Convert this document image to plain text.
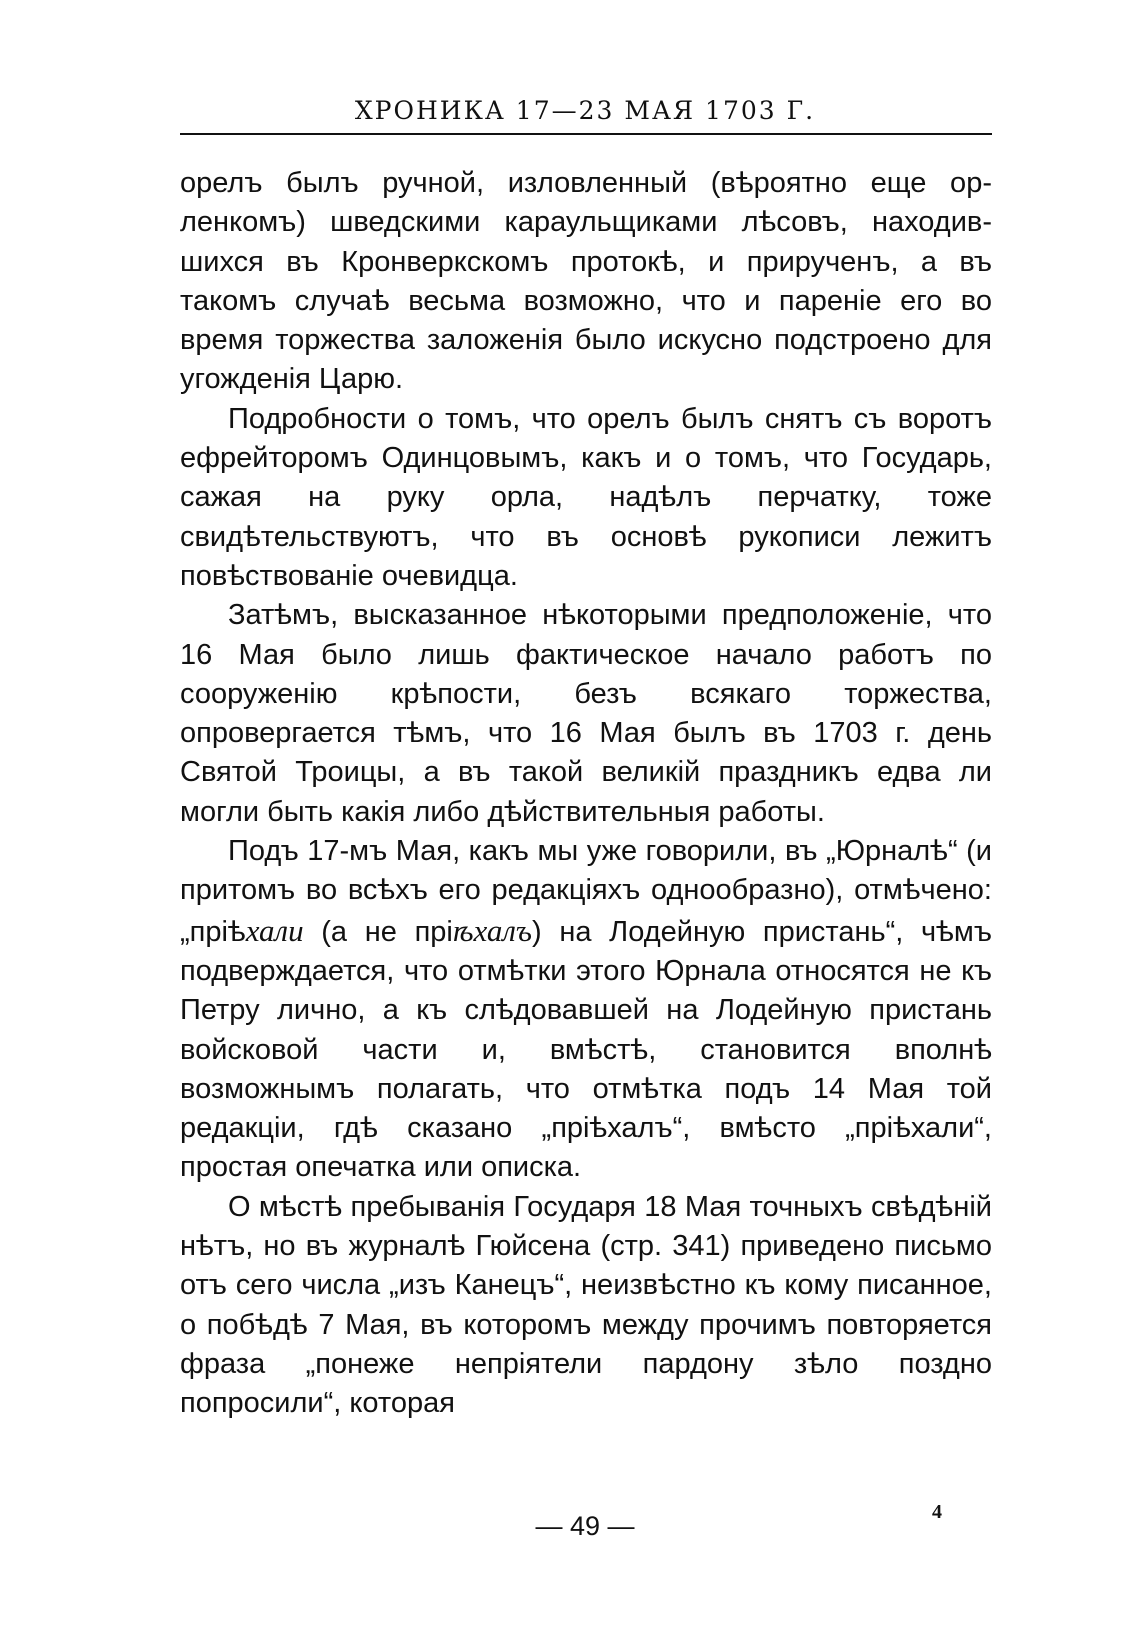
ХРОНИКА 17—23 МАЯ 1703 Г.

орелъ былъ ручной, изловленный (вѣроятно еще орленкомъ) шведскими караульщиками лѣсовъ, находившихся въ Кронверкскомъ протокѣ, и прирученъ, а въ такомъ случаѣ весьма возможно, что и пареніе его во время торжества заложенія было искусно подстроено для угожденія Царю.

Подробности о томъ, что орелъ былъ снятъ съ воротъ ефрейторомъ Одинцовымъ, какъ и о томъ, что Государь, сажая на руку орла, надѣлъ перчатку, тоже свидѣтельствуютъ, что въ основѣ рукописи лежитъ повѣствованіе очевидца.

Затѣмъ, высказанное нѣкоторыми предположеніе, что 16 Мая было лишь фактическое начало работъ по сооруженію крѣпости, безъ всякаго торжества, опровергается тѣмъ, что 16 Мая былъ въ 1703 г. день Святой Троицы, а въ такой великій праздникъ едва ли могли быть какія либо дѣйствительныя работы.

Подъ 17-мъ Мая, какъ мы уже говорили, въ „Юрналѣ“ (и притомъ во всѣхъ его редакціяхъ однообразно), отмѣчено: „пріѣхали (а не пріѣхалъ) на Лодейную пристань“, чѣмъ подверждается, что отмѣтки этого Юрнала относятся не къ Петру лично, а къ слѣдовавшей на Лодейную пристань войсковой части и, вмѣстѣ, становится вполнѣ возможнымъ полагать, что отмѣтка подъ 14 Мая той редакціи, гдѣ сказано „пріѣхалъ“, вмѣсто „пріѣхали“, простая опечатка или описка.

О мѣстѣ пребыванія Государя 18 Мая точныхъ свѣдѣній нѣтъ, но въ журналѣ Гюйсена (стр. 341) приведено письмо отъ сего числа „изъ Канецъ“, неизвѣстно къ кому писанное, о побѣдѣ 7 Мая, въ которомъ между прочимъ повторяется фраза „понеже непріятели пардону зѣло поздно попросили“, которая

— 49 —	4
